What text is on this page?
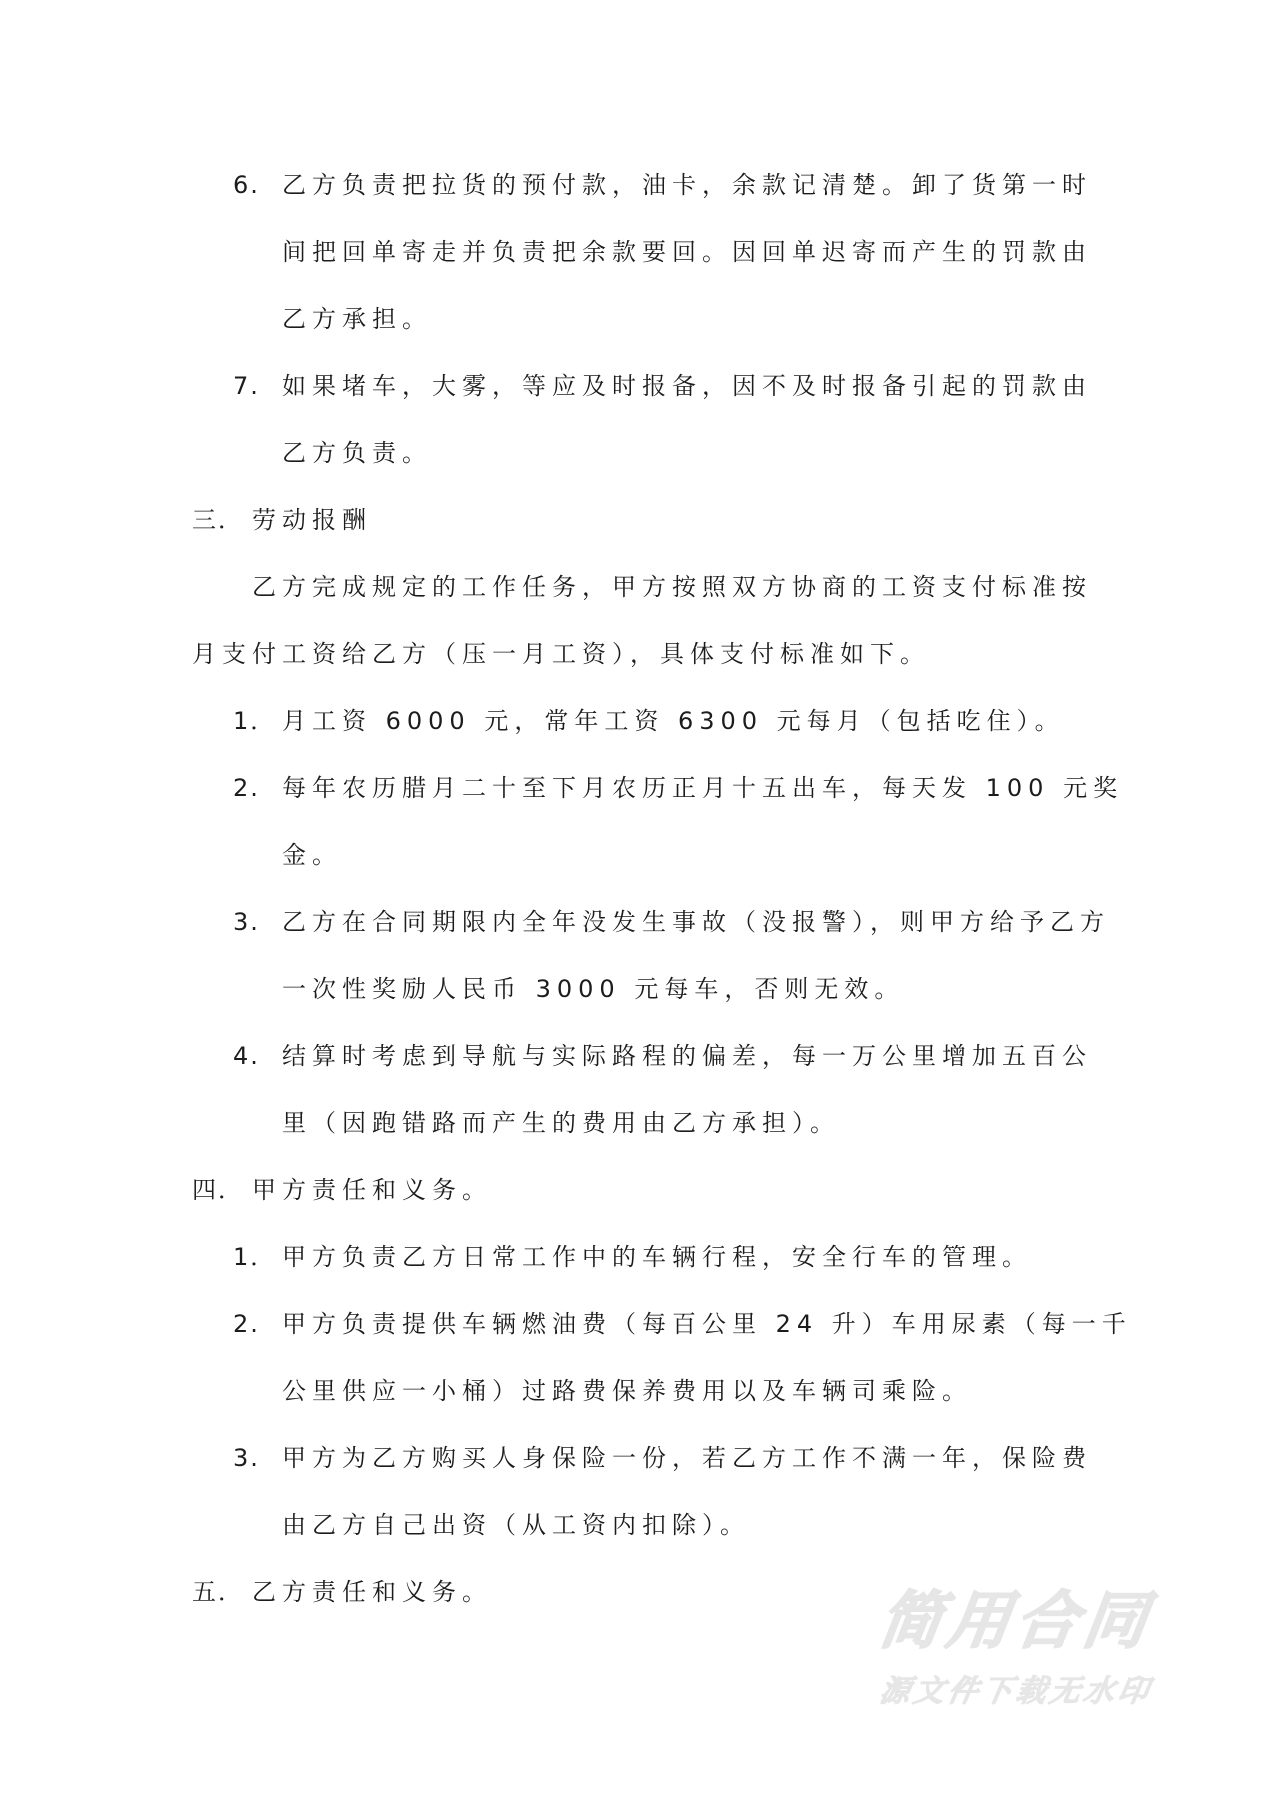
6. 乙方负责把拉货的预付款，油卡，余款记清楚。卸了货第一时
间把回单寄走并负责把余款要回。因回单迟寄而产生的罚款由
乙方承担。
7. 如果堵车，大雾，等应及时报备，因不及时报备引起的罚款由
乙方负责。
三． 劳动报酬
乙方完成规定的工作任务，甲方按照双方协商的工资支付标准按
月支付工资给乙方（压一月工资），具体支付标准如下。
1． 月工资 6000 元，常年工资 6300 元每月（包括吃住）。
2. 每年农历腊月二十至下月农历正月十五出车，每天发 100 元奖
金。
3. 乙方在合同期限内全年没发生事故（没报警），则甲方给予乙方
一次性奖励人民币 3000 元每车，否则无效。
4. 结算时考虑到导航与实际路程的偏差，每一万公里增加五百公
里（因跑错路而产生的费用由乙方承担）。
四． 甲方责任和义务。
1． 甲方负责乙方日常工作中的车辆行程，安全行车的管理。
2. 甲方负责提供车辆燃油费（每百公里 24 升）车用尿素（每一千
公里供应一小桶）过路费保养费用以及车辆司乘险。
3. 甲方为乙方购买人身保险一份，若乙方工作不满一年，保险费
由乙方自己出资（从工资内扣除）。
五． 乙方责任和义务。	简用合同
源文件下载无水印
